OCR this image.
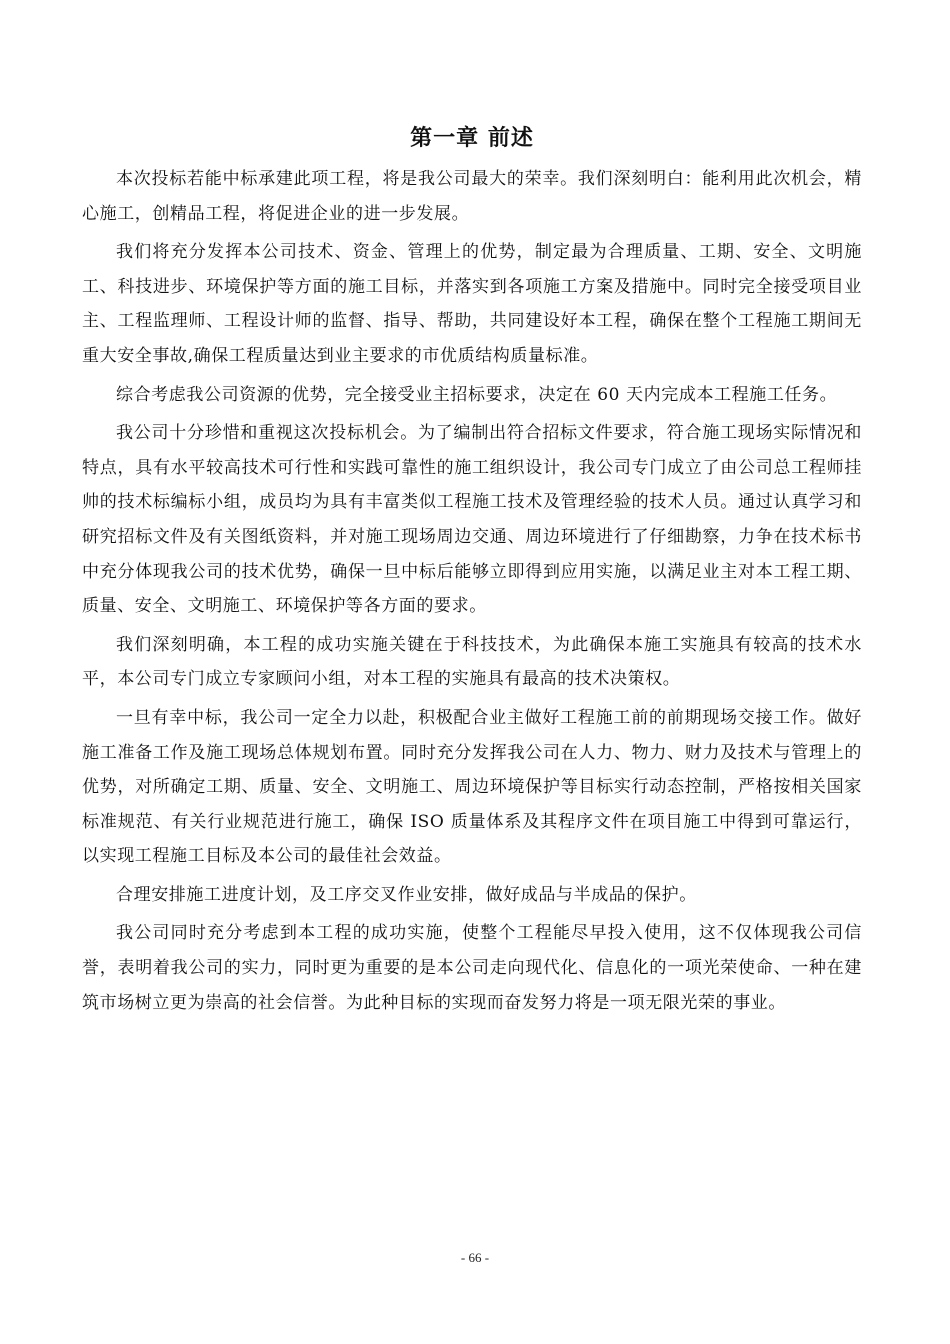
第一章 前述

本次投标若能中标承建此项工程，将是我公司最大的荣幸。我们深刻明白：能利用此次机会，精心施工，创精品工程，将促进企业的进一步发展。

我们将充分发挥本公司技术、资金、管理上的优势，制定最为合理质量、工期、安全、文明施工、科技进步、环境保护等方面的施工目标，并落实到各项施工方案及措施中。同时完全接受项目业主、工程监理师、工程设计师的监督、指导、帮助，共同建设好本工程，确保在整个工程施工期间无重大安全事故,确保工程质量达到业主要求的市优质结构质量标准。

综合考虑我公司资源的优势，完全接受业主招标要求，决定在 60 天内完成本工程施工任务。

我公司十分珍惜和重视这次投标机会。为了编制出符合招标文件要求，符合施工现场实际情况和特点，具有水平较高技术可行性和实践可靠性的施工组织设计，我公司专门成立了由公司总工程师挂帅的技术标编标小组，成员均为具有丰富类似工程施工技术及管理经验的技术人员。通过认真学习和研究招标文件及有关图纸资料，并对施工现场周边交通、周边环境进行了仔细勘察，力争在技术标书中充分体现我公司的技术优势，确保一旦中标后能够立即得到应用实施，以满足业主对本工程工期、质量、安全、文明施工、环境保护等各方面的要求。

我们深刻明确，本工程的成功实施关键在于科技技术，为此确保本施工实施具有较高的技术水平，本公司专门成立专家顾问小组，对本工程的实施具有最高的技术决策权。

一旦有幸中标，我公司一定全力以赴，积极配合业主做好工程施工前的前期现场交接工作。做好施工准备工作及施工现场总体规划布置。同时充分发挥我公司在人力、物力、财力及技术与管理上的优势，对所确定工期、质量、安全、文明施工、周边环境保护等目标实行动态控制，严格按相关国家标准规范、有关行业规范进行施工，确保 ISO 质量体系及其程序文件在项目施工中得到可靠运行，以实现工程施工目标及本公司的最佳社会效益。

合理安排施工进度计划，及工序交叉作业安排，做好成品与半成品的保护。

我公司同时充分考虑到本工程的成功实施，使整个工程能尽早投入使用，这不仅体现我公司信誉，表明着我公司的实力，同时更为重要的是本公司走向现代化、信息化的一项光荣使命、一种在建筑市场树立更为崇高的社会信誉。为此种目标的实现而奋发努力将是一项无限光荣的事业。

- 66 -
